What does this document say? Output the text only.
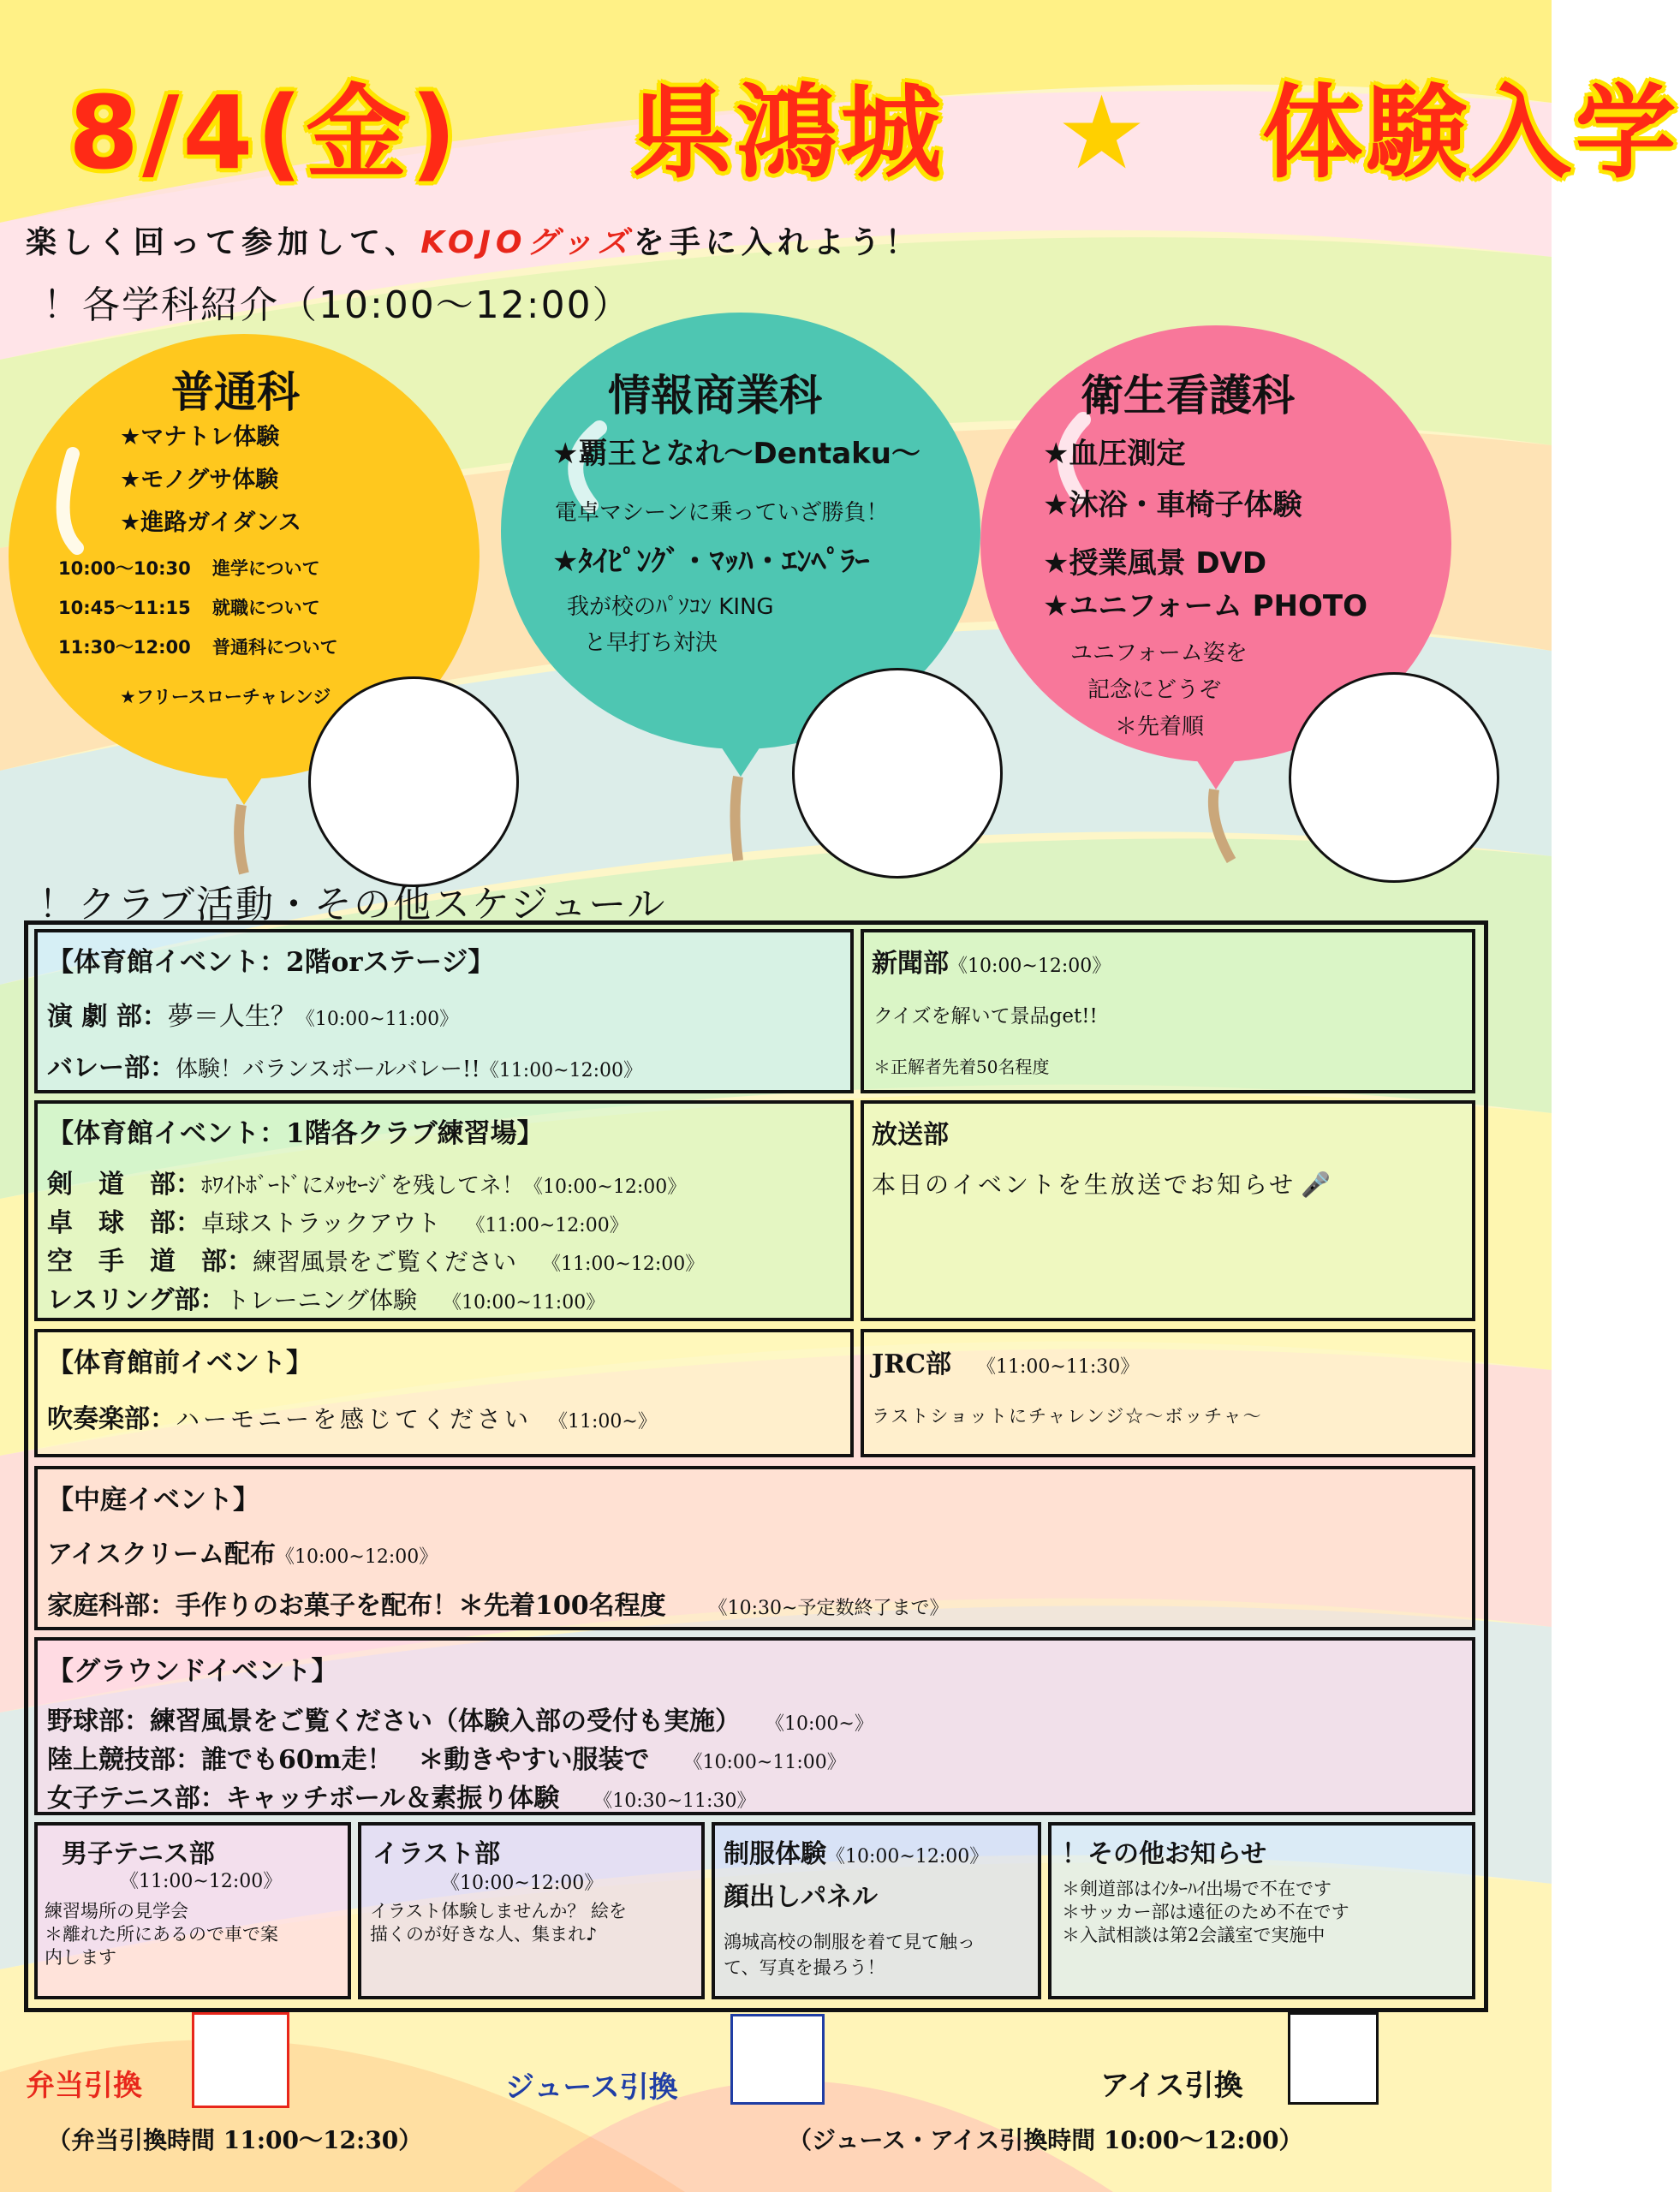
8/4(金) 県鴻城 ★ 体験入学
楽しく回って参加して、KOJOグッズを手に入れよう！
！各学科紹介（10:00～12:00）
普通科
★マナトレ体験
★モノグサ体験
★進路ガイダンス
10:00～10:30 進学について
10:45～11:15 就職について
11:30～12:00 普通科について
★フリースローチャレンジ
情報商業科
★覇王となれ～Dentaku～
電卓マシーンに乗っていざ勝負！
★ﾀｲﾋﾟﾝｸﾞ・ﾏｯﾊ・ｴﾝﾍﾟﾗｰ
我が校のﾊﾟｿｺﾝ KING
と早打ち対決
衛生看護科
★血圧測定
★沐浴・車椅子体験
★授業風景 DVD
★ユニフォーム PHOTO
ユニフォーム姿を
記念にどうぞ
＊先着順
！クラブ活動・その他スケジュール
【体育館イベント：2階orステージ】
演 劇 部：夢＝人生？《10:00~11:00》
バレー部：体験！バランスボールバレー!!《11:00~12:00》
新聞部《10:00~12:00》
クイズを解いて景品get!!
＊正解者先着50名程度
【体育館イベント：1階各クラブ練習場】
剣　道　部：ﾎﾜｲﾄﾎﾞｰﾄﾞにﾒｯｾｰｼﾞを残してネ！《10:00~12:00》
卓　球　部：卓球ストラックアウト 《11:00~12:00》
空　手　道　部：練習風景をご覧ください 《11:00~12:00》
レスリング部：トレーニング体験 《10:00~11:00》
放送部
本日のイベントを生放送でお知らせ 🎤
【体育館前イベント】
吹奏楽部：ハーモニーを感じてください 《11:00~》
JRC部 《11:00~11:30》
ラストショットにチャレンジ☆～ボッチャ～
【中庭イベント】
アイスクリーム配布《10:00~12:00》
家庭科部：手作りのお菓子を配布！＊先着100名程度 《10:30~予定数終了まで》
【グラウンドイベント】
野球部：練習風景をご覧ください（体験入部の受付も実施） 《10:00~》
陸上競技部：誰でも60m走！　＊動きやすい服装で 《10:00~11:00》
女子テニス部：キャッチボール＆素振り体験 《10:30~11:30》
男子テニス部
《11:00~12:00》
練習場所の見学会
＊離れた所にあるので車で案
内します
イラスト部
《10:00~12:00》
イラスト体験しませんか？ 絵を
描くのが好きな人、集まれ♪
制服体験《10:00~12:00》
顔出しパネル
鴻城高校の制服を着て見て触っ
て、写真を撮ろう！
！その他お知らせ
＊剣道部はｲﾝﾀｰﾊｲ出場で不在です
＊サッカー部は遠征のため不在です
＊入試相談は第2会議室で実施中
弁当引換	ジュース引換	アイス引換
（弁当引換時間 11:00～12:30）	（ジュース・アイス引換時間 10:00～12:00）
